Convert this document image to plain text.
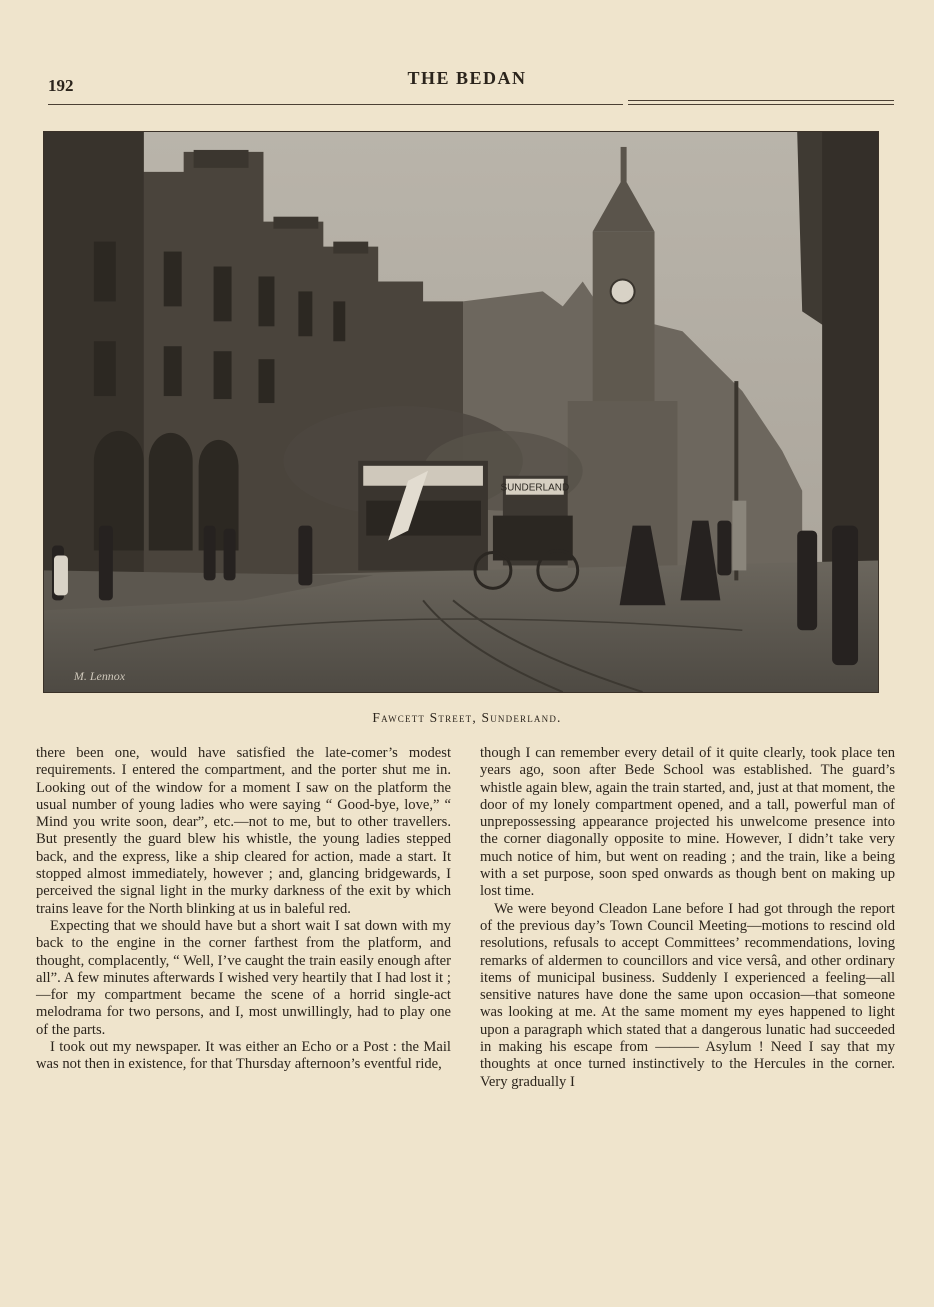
192	THE BEDAN
SUNDERLAND
M. Lennox
Fawcett Street, Sunderland.

there been one, would have satisfied the late-comer’s modest requirements. I entered the compartment, and the porter shut me in. Looking out of the window for a moment I saw on the platform the usual number of young ladies who were saying “ Good-bye, love,” “ Mind you write soon, dear”, etc.—not to me, but to other travellers. But presently the guard blew his whistle, the young ladies stepped back, and the express, like a ship cleared for action, made a start. It stopped almost immediately, however ; and, glancing bridgewards, I perceived the signal light in the murky darkness of the exit by which trains leave for the North blinking at us in baleful red.

Expecting that we should have but a short wait I sat down with my back to the engine in the corner farthest from the platform, and thought, complacently, “ Well, I’ve caught the train easily enough after all”. A few minutes afterwards I wished very heartily that I had lost it ;—for my compartment became the scene of a horrid single-act melodrama for two persons, and I, most unwillingly, had to play one of the parts.

I took out my newspaper. It was either an Echo or a Post : the Mail was not then in existence, for that Thursday afternoon’s eventful ride,

though I can remember every detail of it quite clearly, took place ten years ago, soon after Bede School was established. The guard’s whistle again blew, again the train started, and, just at that moment, the door of my lonely compartment opened, and a tall, powerful man of unprepossessing appearance projected his unwelcome presence into the corner diagonally opposite to mine. However, I didn’t take very much notice of him, but went on reading ; and the train, like a being with a set purpose, soon sped onwards as though bent on making up lost time.

We were beyond Cleadon Lane before I had got through the report of the previous day’s Town Council Meeting—motions to rescind old resolutions, refusals to accept Committees’ recommendations, loving remarks of aldermen to councillors and vice versâ, and other ordinary items of municipal business. Suddenly I experienced a feeling—all sensitive natures have done the same upon occasion—that someone was looking at me. At the same moment my eyes happened to light upon a paragraph which stated that a dangerous lunatic had succeeded in making his escape from ——— Asylum ! Need I say that my thoughts at once turned instinctively to the Hercules in the corner. Very gradually I
